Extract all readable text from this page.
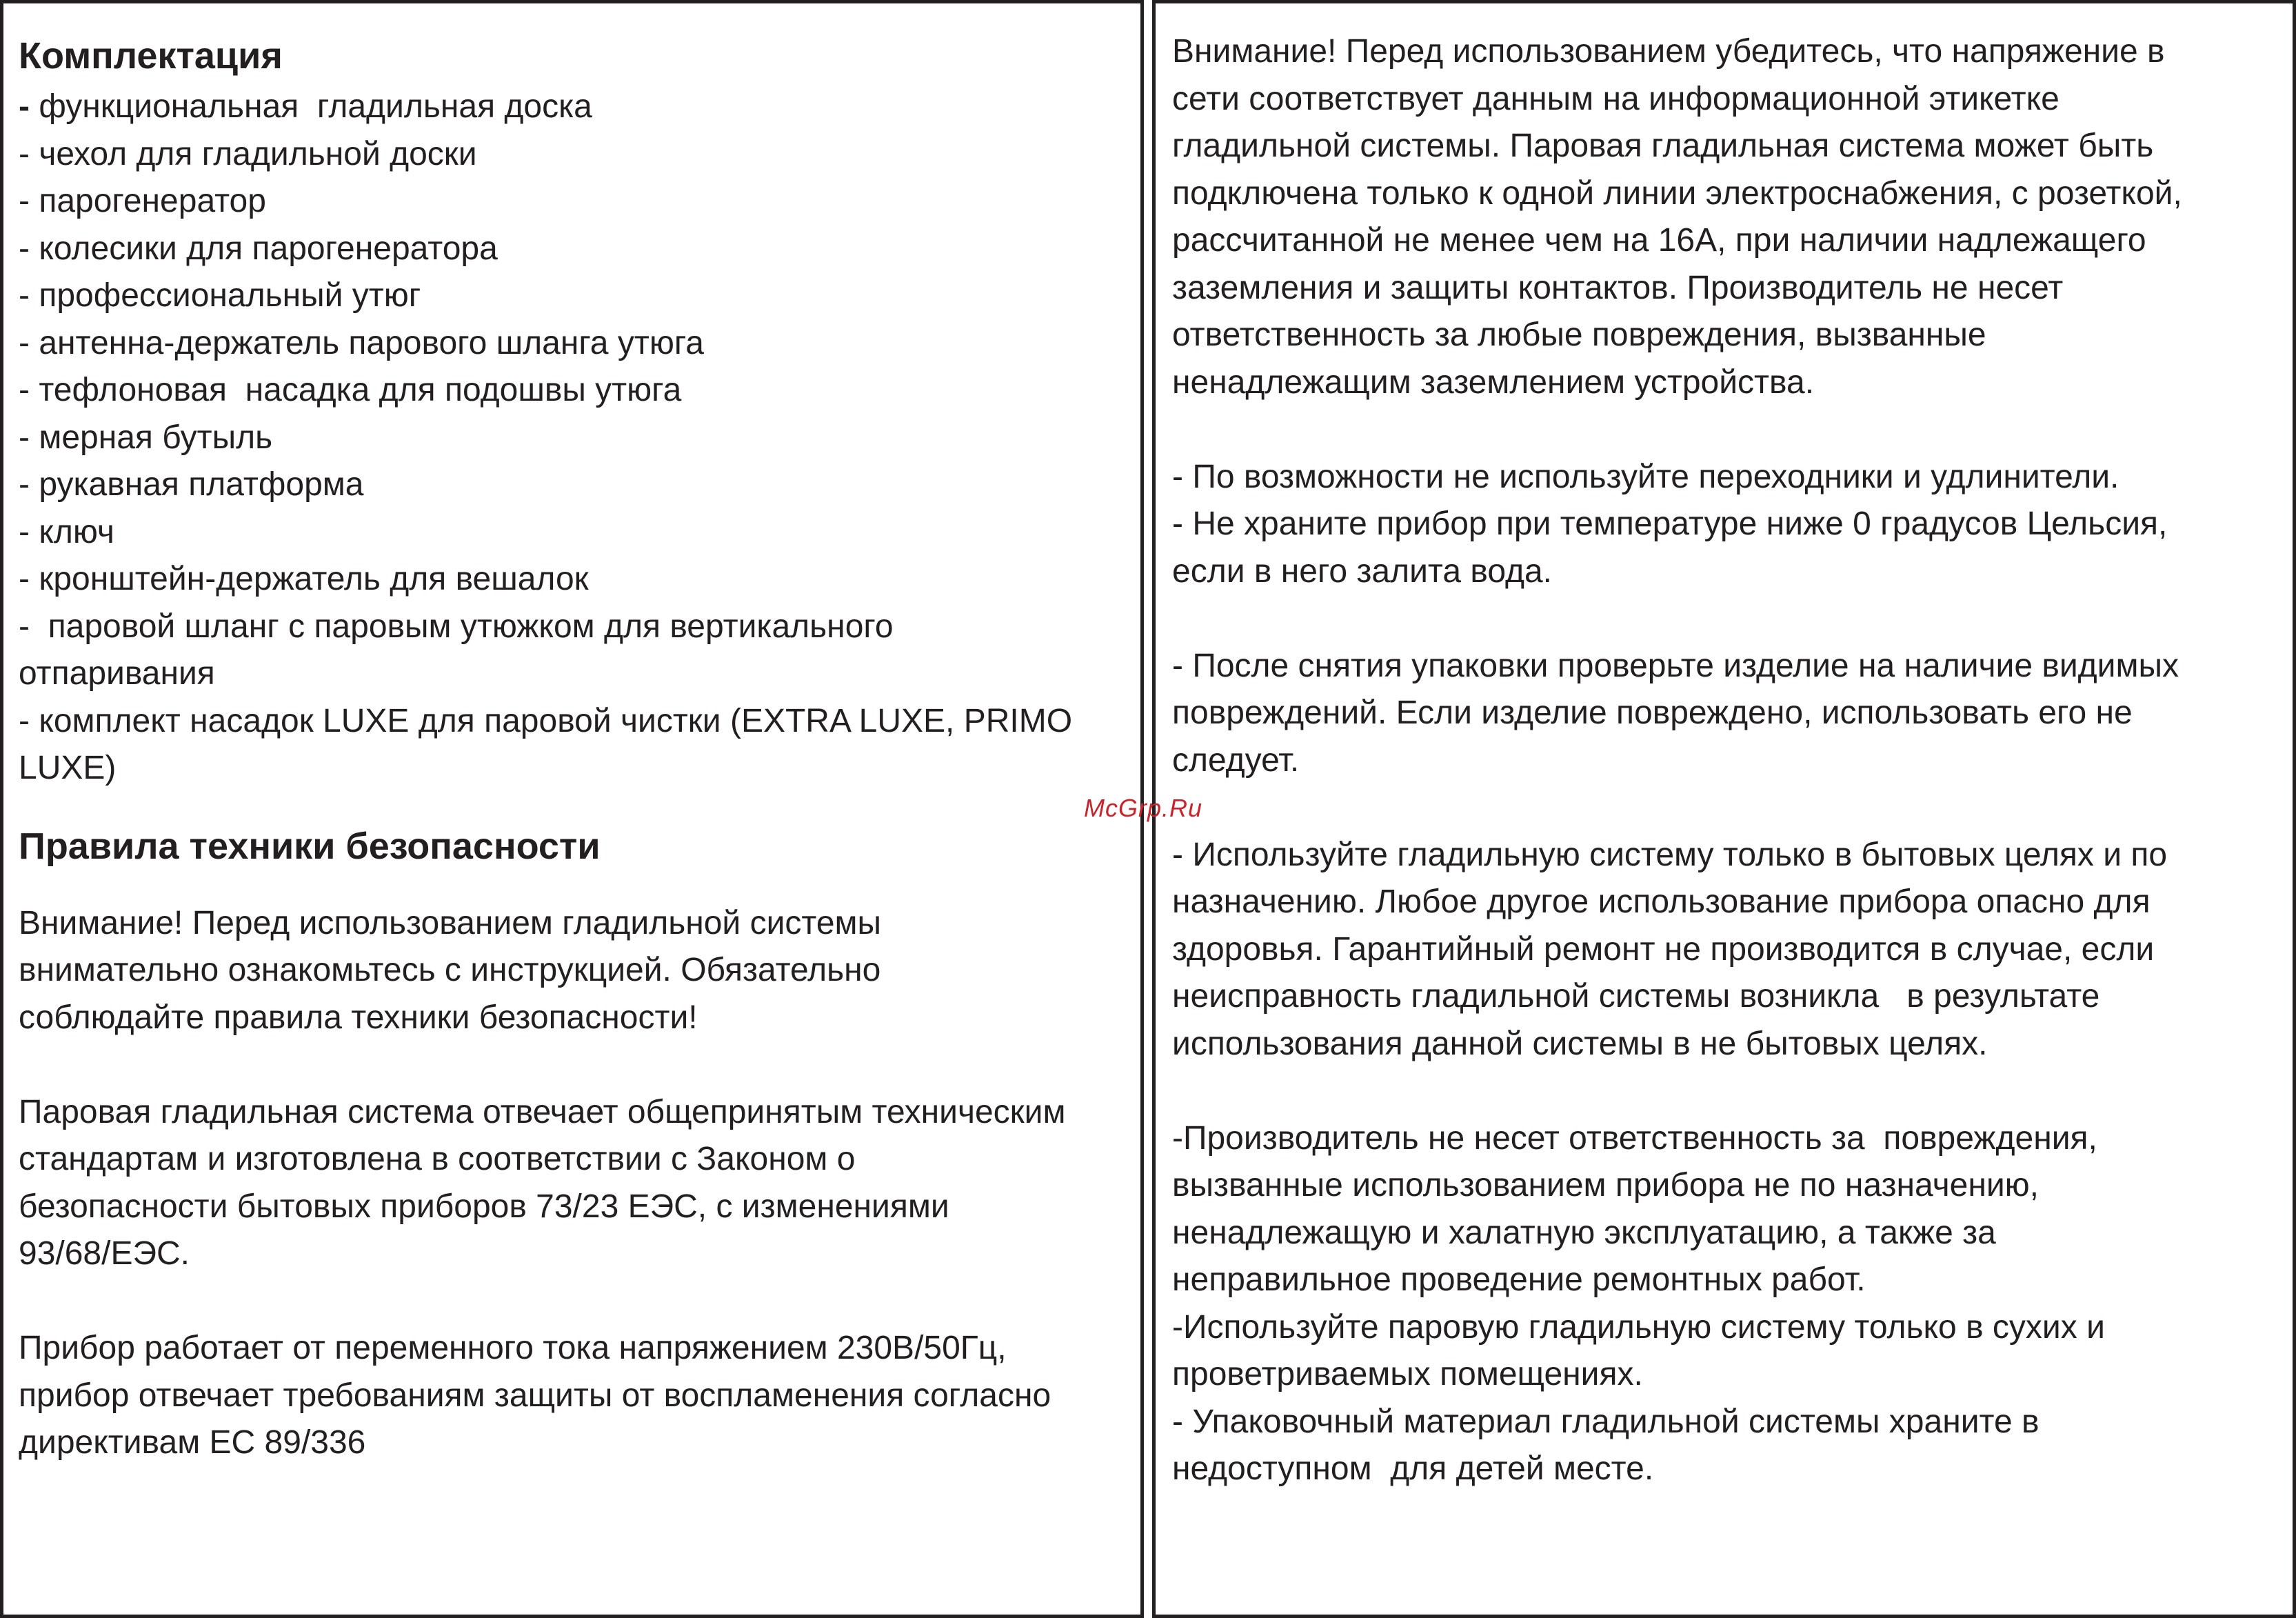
Комплектация

- функциональная  гладильная доска

- чехол для гладильной доски

- парогенератор

- колесики для парогенератора

- профессиональный утюг

- антенна-держатель парового шланга утюга

- тефлоновая  насадка для подошвы утюга

- мерная бутыль

- рукавная платформа

- ключ

- кронштейн-держатель для вешалок

-  паровой шланг с паровым утюжком для вертикального
отпаривания

- комплект насадок LUXE для паровой чистки (EXTRA LUXE, PRIMO
LUXE)

Правила техники безопасности

Внимание! Перед использованием гладильной системы
внимательно ознакомьтесь с инструкцией. Обязательно
соблюдайте правила техники безопасности!

Паровая гладильная система отвечает общепринятым техническим
стандартам и изготовлена в соответствии с Законом о
безопасности бытовых приборов 73/23 ЕЭС, с изменениями
93/68/ЕЭС.

Прибор работает от переменного тока напряжением 230В/50Гц,
прибор отвечает требованиям защиты от воспламенения согласно
директивам ЕС 89/336

Внимание! Перед использованием убедитесь, что напряжение в
сети соответствует данным на информационной этикетке
гладильной системы. Паровая гладильная система может быть
подключена только к одной линии электроснабжения, с розеткой,
рассчитанной не менее чем на 16А, при наличии надлежащего
заземления и защиты контактов. Производитель не несет
ответственность за любые повреждения, вызванные
ненадлежащим заземлением устройства.

- По возможности не используйте переходники и удлинители.
- Не храните прибор при температуре ниже 0 градусов Цельсия,
если в него залита вода.

- После снятия упаковки проверьте изделие на наличие видимых
повреждений. Если изделие повреждено, использовать его не
следует.

- Используйте гладильную систему только в бытовых целях и по
назначению. Любое другое использование прибора опасно для
здоровья. Гарантийный ремонт не производится в случае, если
неисправность гладильной системы возникла   в результате
использования данной системы в не бытовых целях.

-Производитель не несет ответственность за  повреждения,
вызванные использованием прибора не по назначению,
ненадлежащую и халатную эксплуатацию, а также за
неправильное проведение ремонтных работ.
-Используйте паровую гладильную систему только в сухих и
проветриваемых помещениях.
- Упаковочный материал гладильной системы храните в
недоступном  для детей месте.

McGrp.Ru
